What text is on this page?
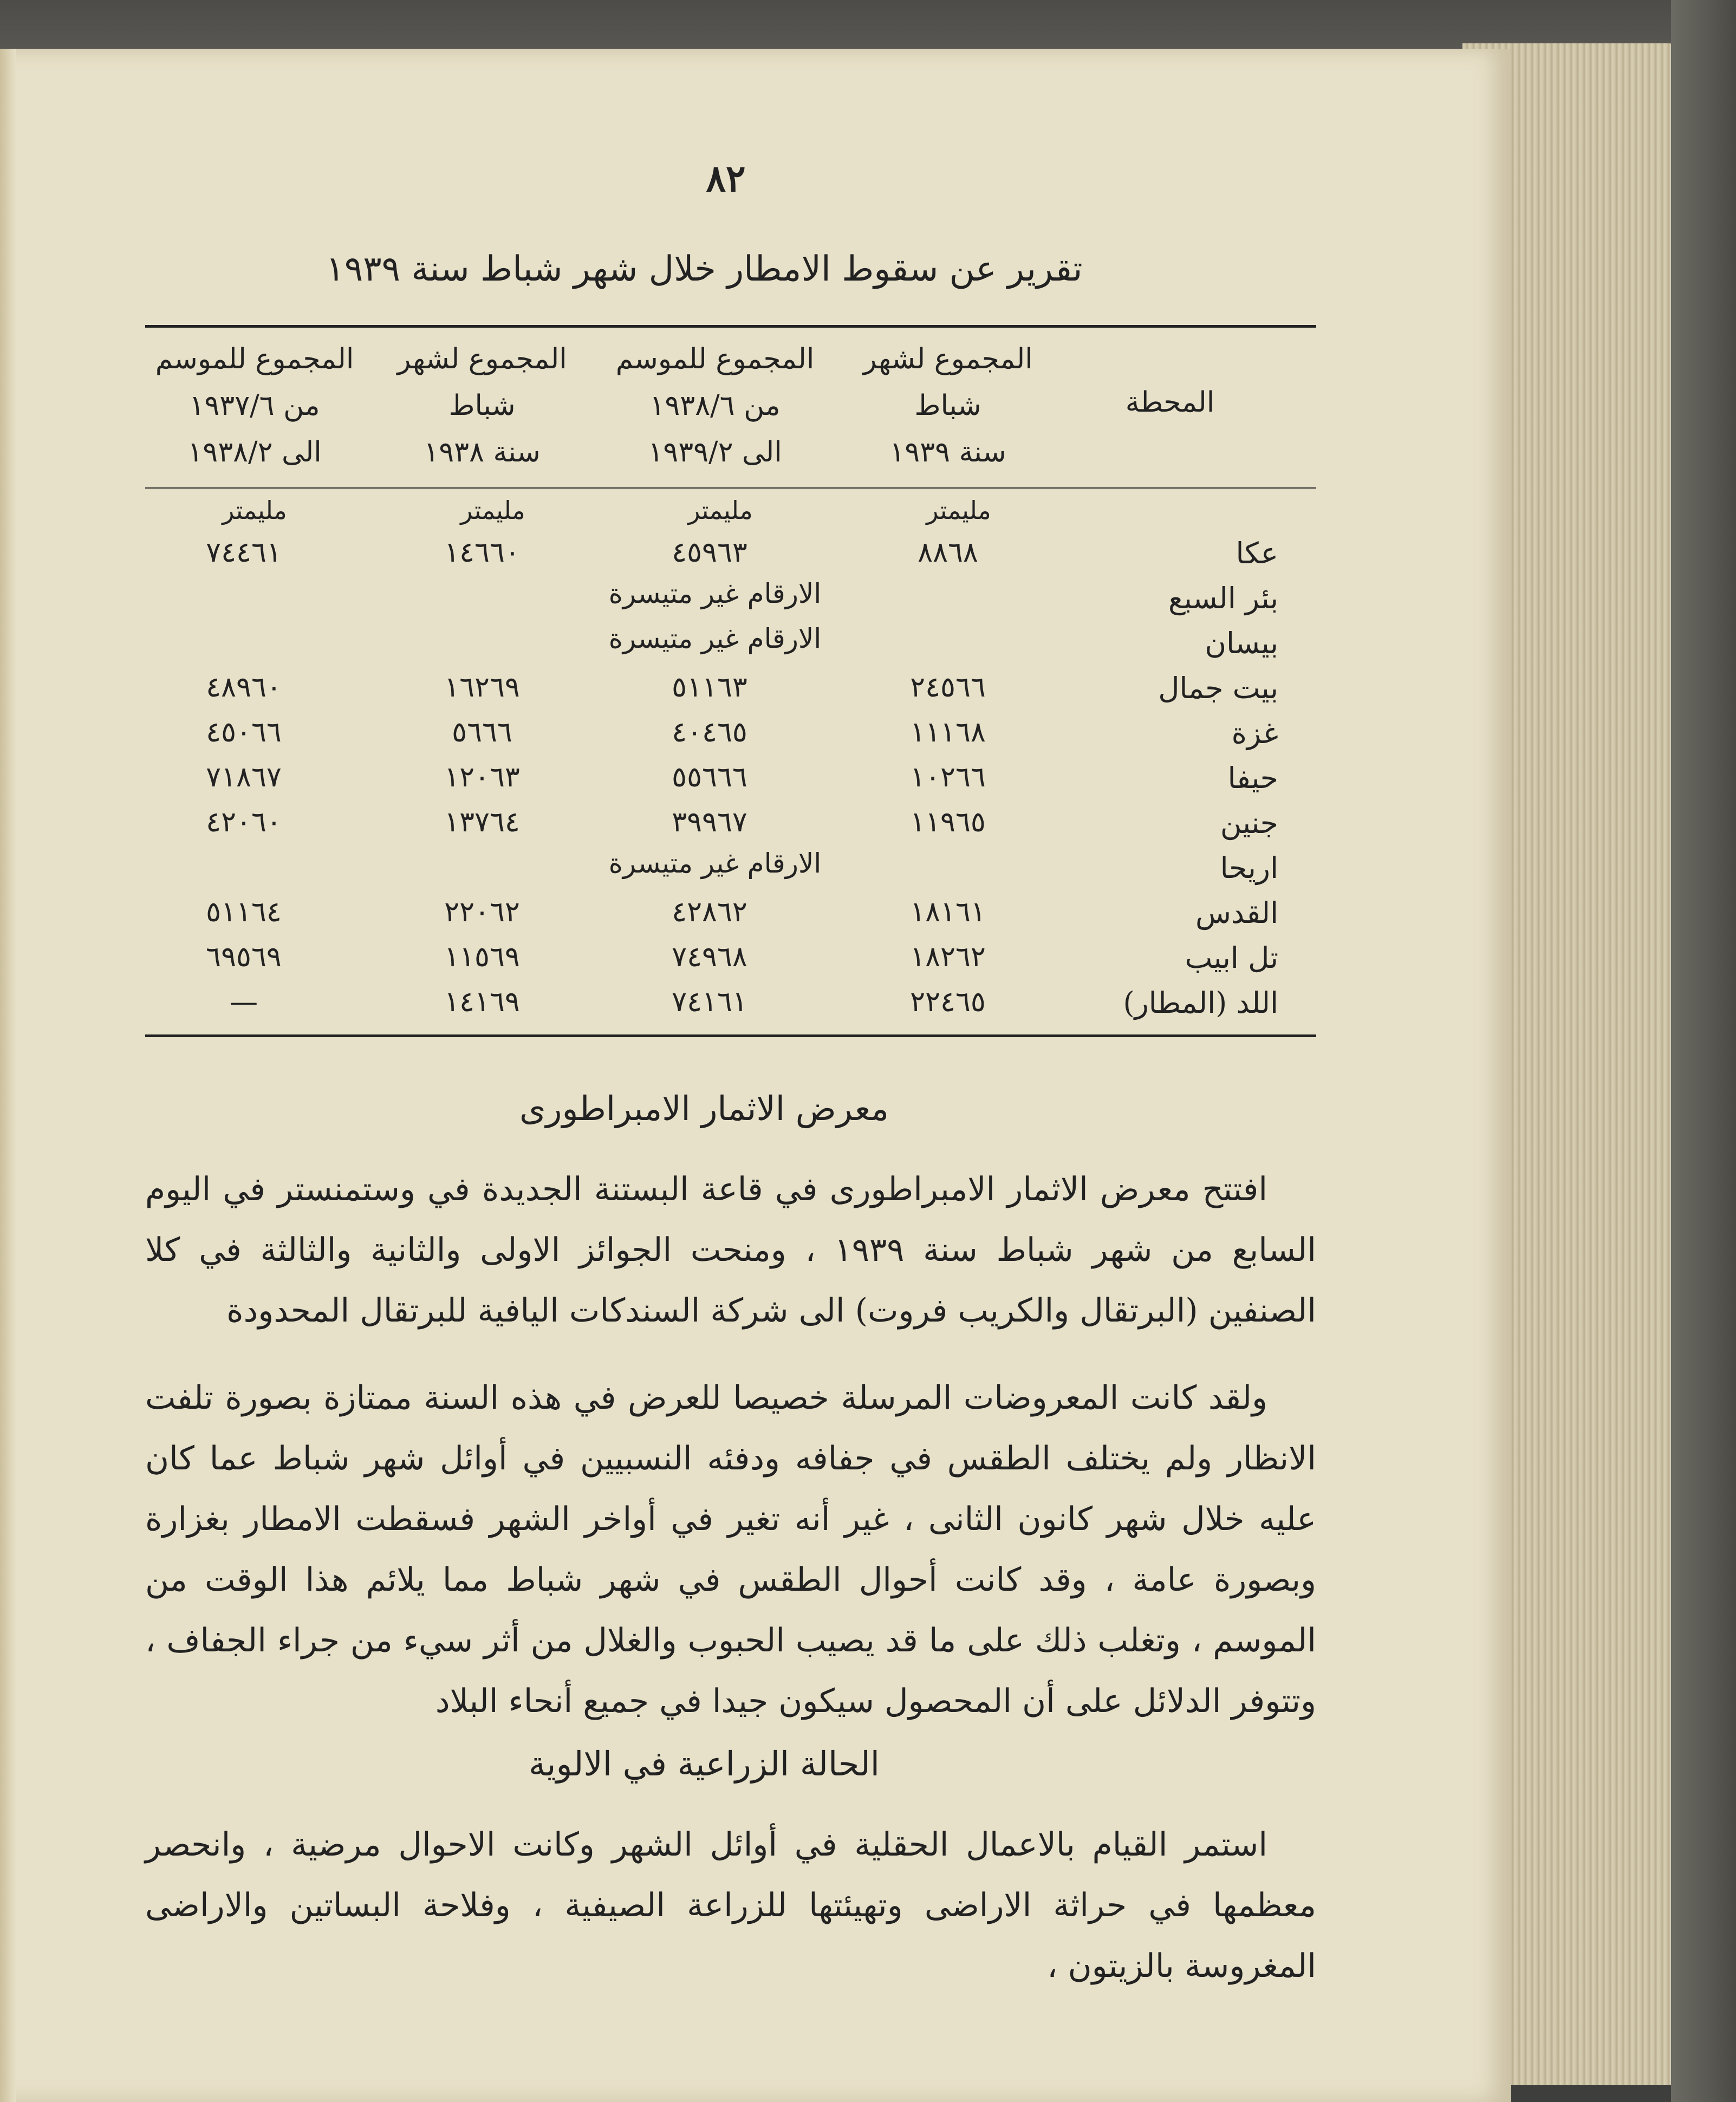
٨٢
تقرير عن سقوط الامطار خلال شهر شباط سنة ١٩٣٩
المحطة
المجموع لشهر
شباط
سنة ١٩٣٩
المجموع للموسم
من ١٩٣٨/٦
الى ١٩٣٩/٢
المجموع لشهر
شباط
سنة ١٩٣٨
المجموع للموسم
من ١٩٣٧/٦
الى ١٩٣٨/٢
مليمتر
مليمتر
مليمتر
مليمتر
عكا
٨٨٦٨
٤٥٩٦٣
١٤٦٦٠
٧٤٤٦١
بئر السبع
الارقام غير متيسرة
بيسان
الارقام غير متيسرة
بيت جمال
٢٤٥٦٦
٥١١٦٣
١٦٢٦٩
٤٨٩٦٠
غزة
١١١٦٨
٤٠٤٦٥
٥٦٦٦
٤٥٠٦٦
حيفا
١٠٢٦٦
٥٥٦٦٦
١٢٠٦٣
٧١٨٦٧
جنين
١١٩٦٥
٣٩٩٦٧
١٣٧٦٤
٤٢٠٦٠
اريحا
الارقام غير متيسرة
القدس
١٨١٦١
٤٢٨٦٢
٢٢٠٦٢
٥١١٦٤
تل ابيب
١٨٢٦٢
٧٤٩٦٨
١١٥٦٩
٦٩٥٦٩
اللد (المطار)
٢٢٤٦٥
٧٤١٦١
١٤١٦٩
—
معرض الاثمار الامبراطورى
افتتح معرض الاثمار الامبراطورى في قاعة البستنة الجديدة في وستمنستر في اليوم السابع من شهر شباط سنة ١٩٣٩ ، ومنحت الجوائز الاولى والثانية والثالثة في كلا الصنفين (البرتقال والكريب فروت) الى شركة السندكات اليافية للبرتقال المحدودة
ولقد كانت المعروضات المرسلة خصيصا للعرض في هذه السنة ممتازة بصورة تلفت الانظار ولم يختلف الطقس في جفافه ودفئه النسبيين في أوائل شهر شباط عما كان عليه خلال شهر كانون الثانى ، غير أنه تغير في أواخر الشهر فسقطت الامطار بغزارة وبصورة عامة ، وقد كانت أحوال الطقس في شهر شباط مما يلائم هذا الوقت من الموسم ، وتغلب ذلك على ما قد يصيب الحبوب والغلال من أثر سيء من جراء الجفاف ، وتتوفر الدلائل على أن المحصول سيكون جيدا في جميع أنحاء البلاد
الحالة الزراعية في الالوية
استمر القيام بالاعمال الحقلية في أوائل الشهر وكانت الاحوال مرضية ، وانحصر معظمها في حراثة الاراضى وتهيئتها للزراعة الصيفية ، وفلاحة البساتين والاراضى المغروسة بالزيتون ،
